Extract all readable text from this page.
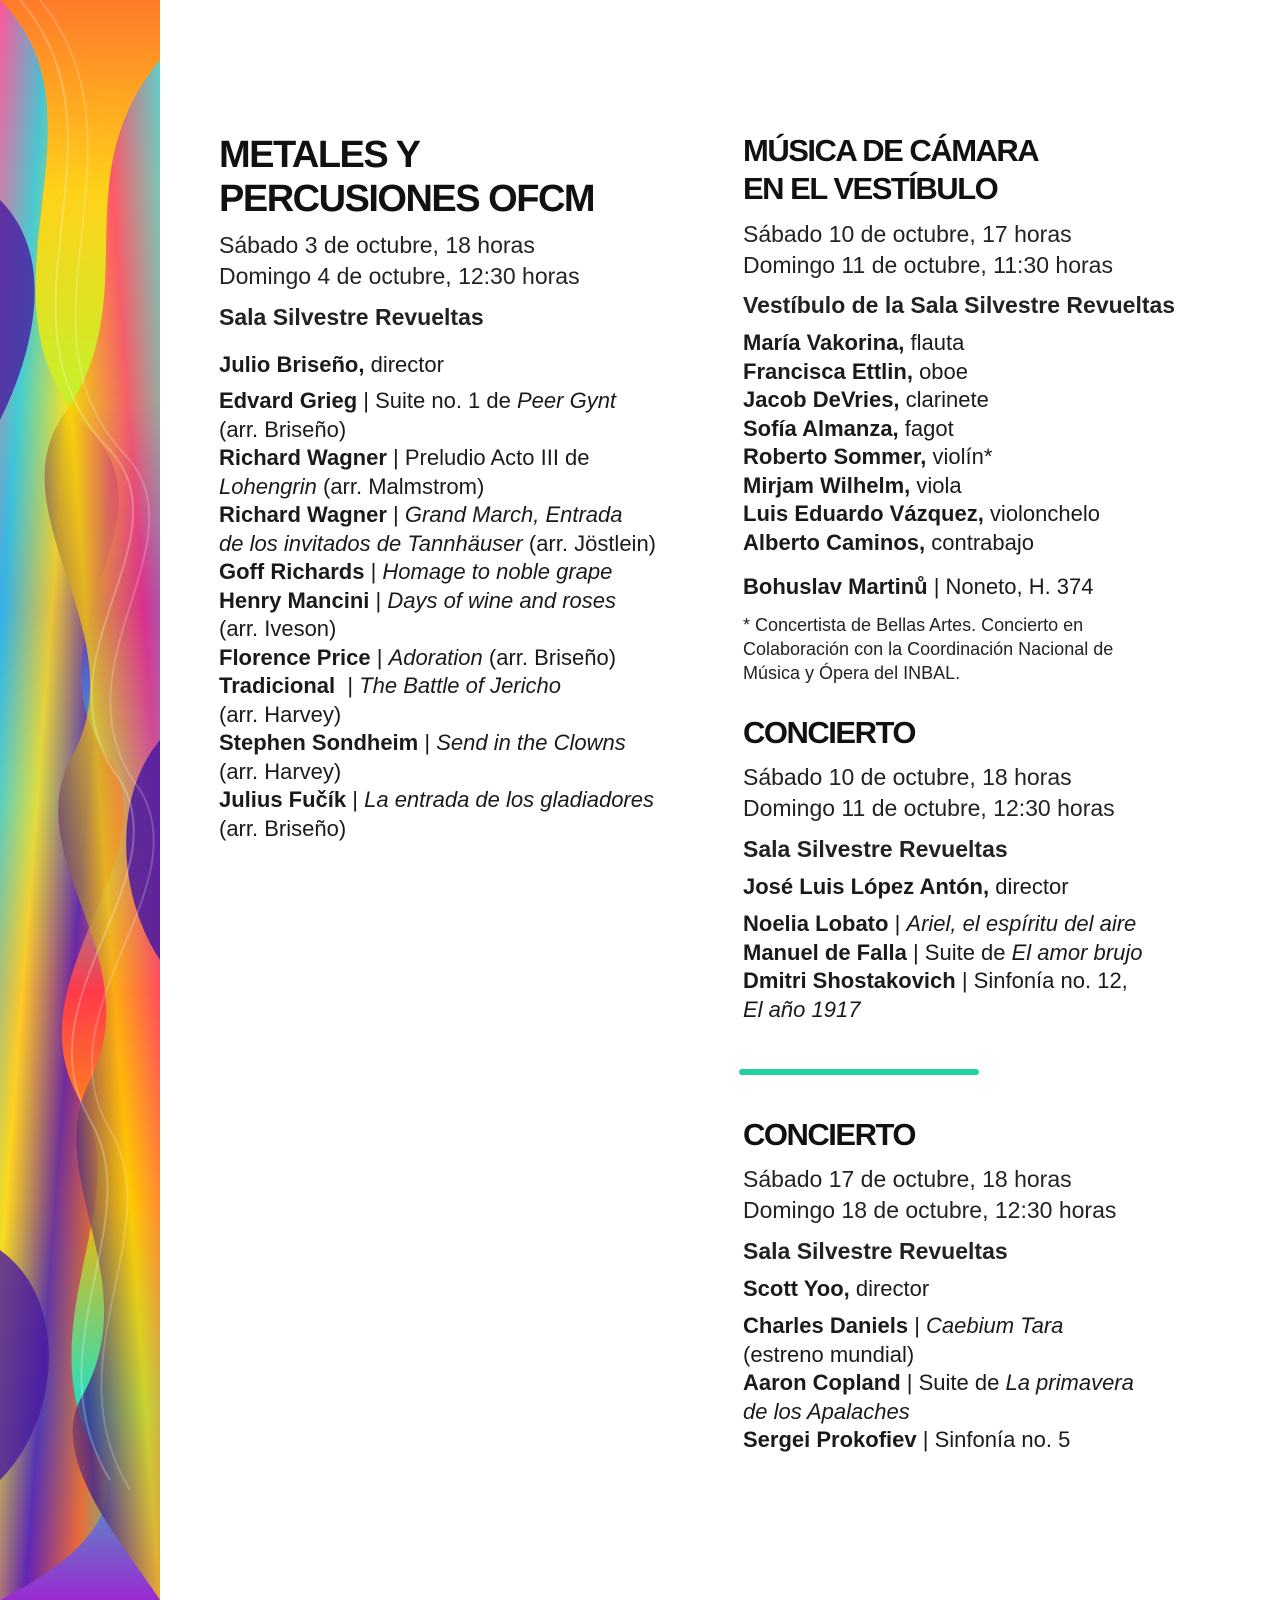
METALES Y
PERCUSIONES OFCM
Sábado 3 de octubre, 18 horas
Domingo 4 de octubre, 12:30 horas
Sala Silvestre Revueltas
Julio Briseño, director
Edvard Grieg | Suite no. 1 de Peer Gynt
(arr. Briseño)
Richard Wagner | Preludio Acto III de
Lohengrin (arr. Malmstrom)
Richard Wagner | Grand March, Entrada
de los invitados de Tannhäuser (arr. Jöstlein)
Goff Richards | Homage to noble grape
Henry Mancini | Days of wine and roses
(arr. Iveson)
Florence Price | Adoration (arr. Briseño)
Tradicional  | The Battle of Jericho
(arr. Harvey)
Stephen Sondheim | Send in the Clowns
(arr. Harvey)
Julius Fučík | La entrada de los gladiadores
(arr. Briseño)
MÚSICA DE CÁMARA
EN EL VESTÍBULO
Sábado 10 de octubre, 17 horas
Domingo 11 de octubre, 11:30 horas
Vestíbulo de la Sala Silvestre Revueltas
María Vakorina, flauta
Francisca Ettlin, oboe
Jacob DeVries, clarinete
Sofía Almanza, fagot
Roberto Sommer, violín*
Mirjam Wilhelm, viola
Luis Eduardo Vázquez, violonchelo
Alberto Caminos, contrabajo
Bohuslav Martinů | Noneto, H. 374
* Concertista de Bellas Artes. Concierto en
Colaboración con la Coordinación Nacional de
Música y Ópera del INBAL.
CONCIERTO
Sábado 10 de octubre, 18 horas
Domingo 11 de octubre, 12:30 horas
Sala Silvestre Revueltas
José Luis López Antón, director
Noelia Lobato | Ariel, el espíritu del aire
Manuel de Falla | Suite de El amor brujo
Dmitri Shostakovich | Sinfonía no. 12,
El año 1917
CONCIERTO
Sábado 17 de octubre, 18 horas
Domingo 18 de octubre, 12:30 horas
Sala Silvestre Revueltas
Scott Yoo, director
Charles Daniels | Caebium Tara
(estreno mundial)
Aaron Copland | Suite de La primavera
de los Apalaches
Sergei Prokofiev | Sinfonía no. 5
